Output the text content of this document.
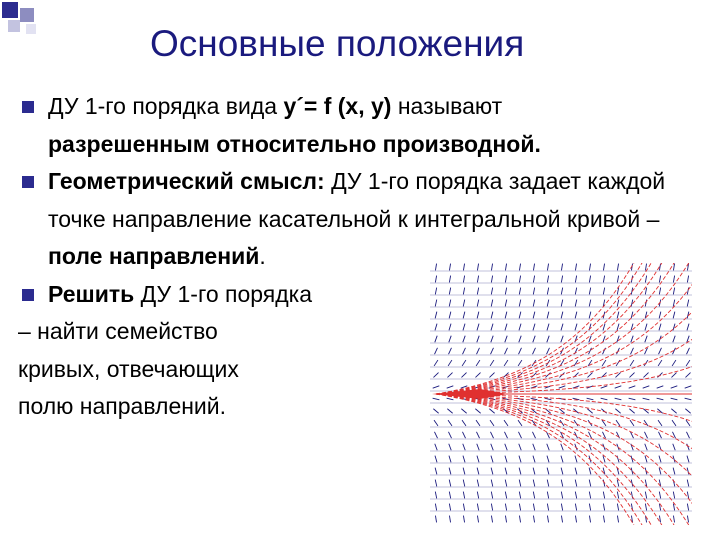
Основные положения
ДУ 1-го порядка вида y´= f (x, y) называют
разрешенным относительно производной.
Геометрический смысл: ДУ 1-го порядка задает каждой точке направление касательной к интегральной кривой – поле направлений.
Решить ДУ 1-го порядка
– найти семейство
кривых, отвечающих
полю направлений.
